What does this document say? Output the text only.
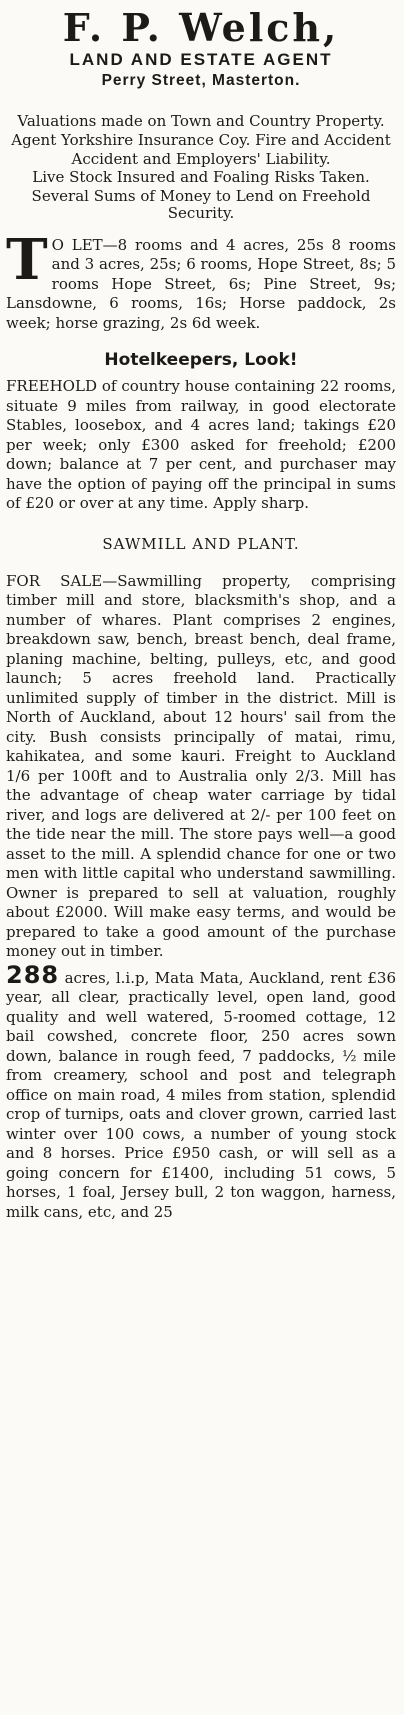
F. P. Welch,
LAND AND ESTATE AGENT
Perry Street, Masterton.

Valuations made on Town and Country Property.

Agent Yorkshire Insurance Coy. Fire and Accident

Accident and Employers' Liability.

Live Stock Insured and Foaling Risks Taken.

Several Sums of Money to Lend on Freehold Security.

T O LET—8 rooms and 4 acres, 25s 8 rooms and 3 acres, 25s; 6 rooms, Hope Street, 8s; 5 rooms Hope Street, 6s; Pine Street, 9s; Lansdowne, 6 rooms, 16s; Horse paddock, 2s week; horse grazing, 2s 6d week.

Hotelkeepers, Look!

FREEHOLD of country house containing 22 rooms, situate 9 miles from railway, in good electorate Stables, loosebox, and 4 acres land; takings £20 per week; only £300 asked for freehold; £200 down; balance at 7 per cent, and purchaser may have the option of paying off the principal in sums of £20 or over at any time. Apply sharp.

SAWMILL AND PLANT.

FOR SALE—Sawmilling property, comprising timber mill and store, blacksmith's shop, and a number of whares. Plant comprises 2 engines, breakdown saw, bench, breast bench, deal frame, planing machine, belting, pulleys, etc, and good launch; 5 acres freehold land. Practically unlimited supply of timber in the district. Mill is North of Auckland, about 12 hours' sail from the city. Bush consists principally of matai, rimu, kahikatea, and some kauri. Freight to Auckland 1/6 per 100ft and to Australia only 2/3. Mill has the advantage of cheap water carriage by tidal river, and logs are delivered at 2/- per 100 feet on the tide near the mill. The store pays well—a good asset to the mill. A splendid chance for one or two men with little capital who understand sawmilling. Owner is prepared to sell at valuation, roughly about £2000. Will make easy terms, and would be prepared to take a good amount of the purchase money out in timber.

288 acres, l.i.p, Mata Mata, Auckland, rent £36 year, all clear, practically level, open land, good quality and well watered, 5-roomed cottage, 12 bail cowshed, concrete floor, 250 acres sown down, balance in rough feed, 7 paddocks, ½ mile from creamery, school and post and telegraph office on main road, 4 miles from station, splendid crop of turnips, oats and clover grown, carried last winter over 100 cows, a number of young stock and 8 horses. Price £950 cash, or will sell as a going concern for £1400, including 51 cows, 5 horses, 1 foal, Jersey bull, 2 ton waggon, harness, milk cans, etc, and 25
